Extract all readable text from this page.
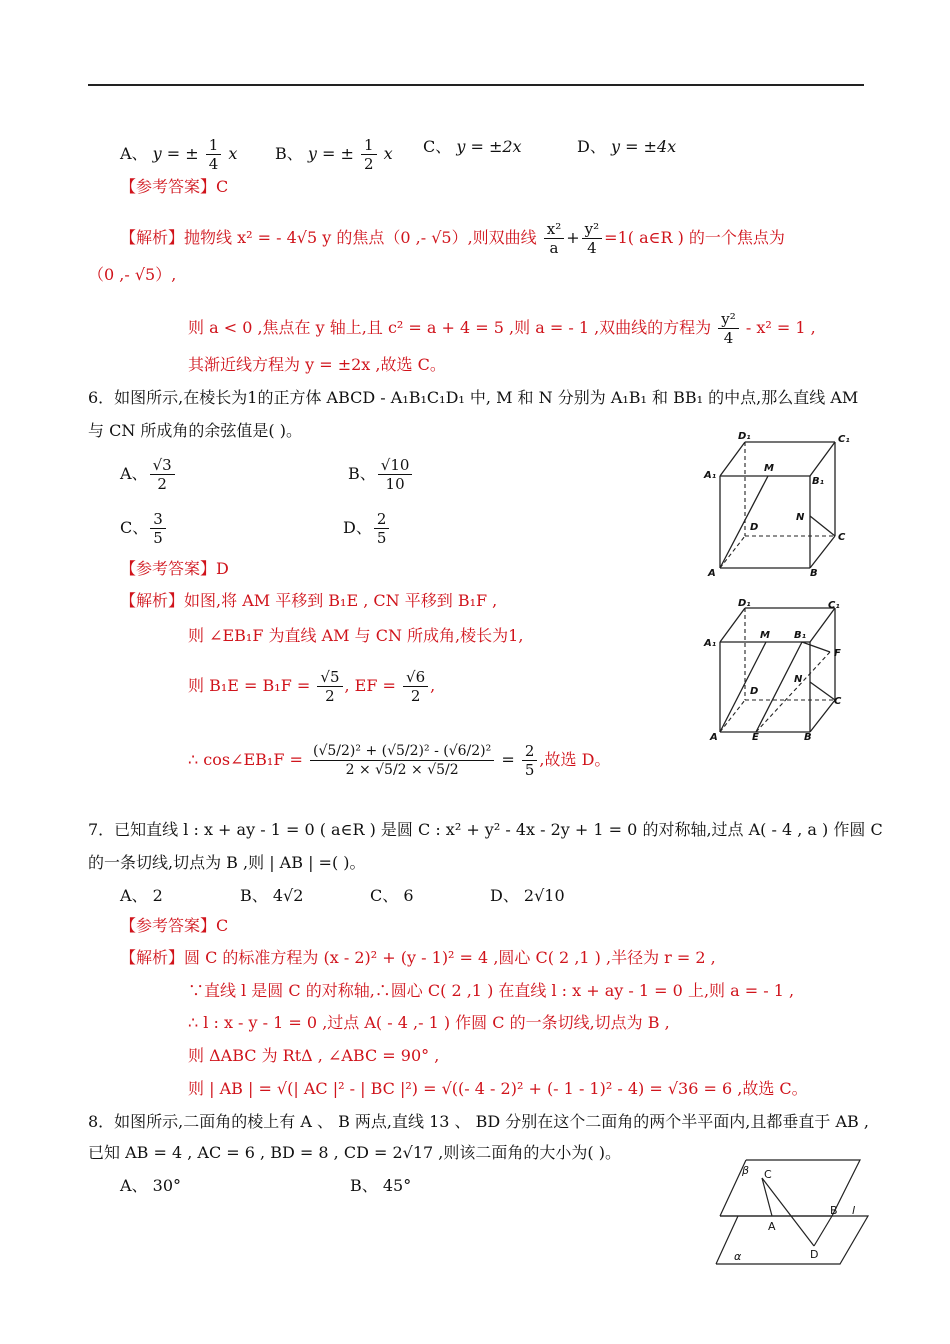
A、 y = ± $\frac{1}{4}$ x B、 y = ± $\frac{1}{2}$ x C、 y = ±2x	D、 y = ±4x
【参考答案】C
【解析】抛物线 x² = - 4√5 y 的焦点（0 ,- √5）,则双曲线 $\frac{\text{x²}}{a} + \frac{\text{y²}}{4} =1$( a∈R ) 的一个焦点为
（0 ,- √5）,
则 a < 0 ,焦点在 y 轴上,且 c² = a + 4 = 5 ,则 a = - 1 ,双曲线的方程为 $\frac{\text{y²}}{4} - x^2 = 1$ ,
其渐近线方程为 y = ±2x ,故选 C。
6．如图所示,在棱长为1的正方体 ABCD - A₁B₁C₁D₁ 中, M 和 N 分别为 A₁B₁ 和 BB₁ 的中点,那么直线 AM
与 CN 所成角的余弦值是( )。
A、 $\frac{√3}{2}$	B、 $\frac{√10}{10}$
C、 $\frac{3}{5}$	D、 $\frac{2}{5}$
【参考答案】D
【解析】如图,将 AM 平移到 B₁E , CN 平移到 B₁F ,
则 ∠EB₁F 为直线 AM 与 CN 所成角,棱长为1,
则 $B_1E = B_1F = \frac{√5}{2}$ , EF = $\frac{√6}{2}$ ,
∴ cos∠EB₁F = $\frac{\text{(√5/2)² + (√5/2)² - (√6/2)²}}{2 \times √5/2 \times √5/2} = \frac{2}{5}$ ,故选 D。
D₁	C₁
A₁
M
B₁
D
N
C
A	B
D₁	C₁
A₁
M B₁
F
D
N
C
A	E	B
7．已知直线 l : x + ay - 1 = 0 ( a∈R ) 是圆 C : x² + y² - 4x - 2y + 1 = 0 的对称轴,过点 A( - 4 , a ) 作圆 C
的一条切线,切点为 B ,则 | AB | =( )。
A、 2	B、 4√2	C、 6	D、 2√10
【参考答案】C
【解析】圆 C 的标准方程为 (x - 2)² + (y - 1)² = 4 ,圆心 C( 2 ,1 ) ,半径为 r = 2 ,
∵直线 l 是圆 C 的对称轴,∴圆心 C( 2 ,1 ) 在直线 l : x + ay - 1 = 0 上,则 a = - 1 ,
∴ l : x - y - 1 = 0 ,过点 A( - 4 ,- 1 ) 作圆 C 的一条切线,切点为 B ,
则 ΔABC 为 RtΔ , ∠ABC = 90° ,
则 | AB | = √(| AC |² - | BC |²) = √((- 4 - 2)² + (- 1 - 1)² - 4) = √36 = 6 ,故选 C。
8．如图所示,二面角的棱上有 A 、 B 两点,直线 13 、 BD 分别在这个二面角的两个半平面内,且都垂直于 AB ,
已知 AB = 4 , AC = 6 , BD = 8 , CD = 2√17 ,则该二面角的大小为( )。
A、 30°	B、 45°
β C
A
B l
D
α
